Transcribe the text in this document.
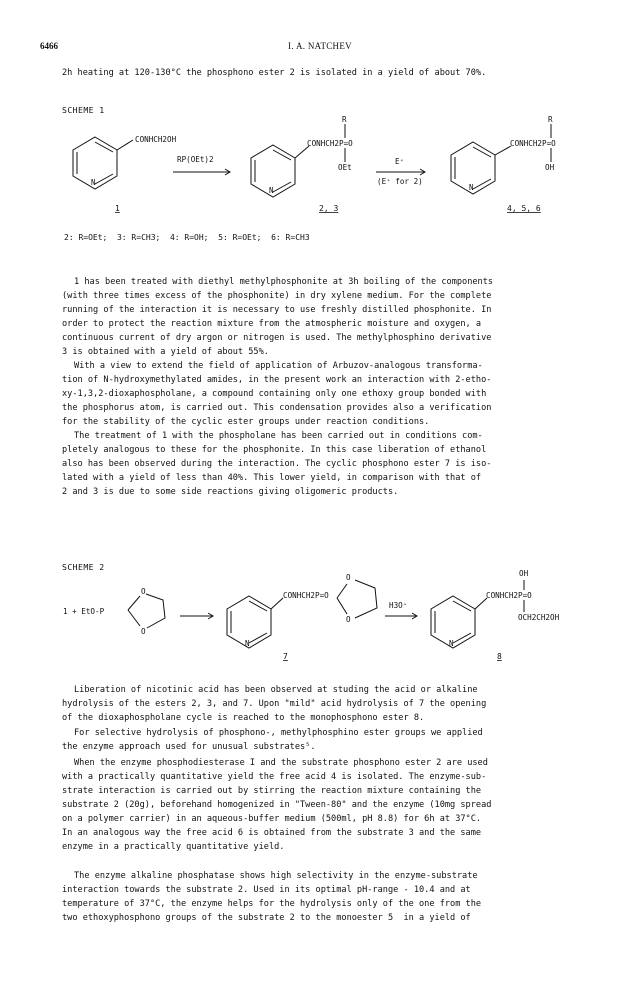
6466	I. A. NATCHEV
2h heating at 120-130°C the phosphono ester 2 is isolated in a yield of about 70%.
SCHEME 1
CONHCH2OH
N
RP(OEt)2
R
CONHCH2P=O
OEt
N
E⁺
(E⁺ for 2)
R
CONHCH2P=O
OH
N
1	2, 3	4, 5, 6
2: R=OEt;  3: R=CH3;  4: R=OH;  5: R=OEt;  6: R=CH3
1 has been treated with diethyl methylphosphonite at 3h boiling of the components
(with three times excess of the phosphonite) in dry xylene medium. For the complete
running of the interaction it is necessary to use freshly distilled phosphonite. In
order to protect the reaction mixture from the atmospheric moisture and oxygen, a
continuous current of dry argon or nitrogen is used. The methylphosphino derivative
3 is obtained with a yield of about 55%.
With a view to extend the field of application of Arbuzov-analogous transforma-
tion of N-hydroxymethylated amides, in the present work an interaction with 2-etho-
xy-1,3,2-dioxaphospholane, a compound containing only one ethoxy group bonded with
the phosphorus atom, is carried out. This condensation provides also a verification
for the stability of the cyclic ester groups under reaction conditions.
The treatment of 1 with the phospholane has been carried out in conditions com-
pletely analogous to these for the phosphonite. In this case liberation of ethanol
also has been observed during the interaction. The cyclic phosphono ester 7 is iso-
lated with a yield of less than 40%. This lower yield, in comparison with that of
2 and 3 is due to some side reactions giving oligomeric products.
SCHEME 2
1 + EtO-P
O
O
CONHCH2P=O
N
O
O
H3O⁺
OH
CONHCH2P=O
OCH2CH2OH
N
7	8
Liberation of nicotinic acid has been observed at studing the acid or alkaline
hydrolysis of the esters 2, 3, and 7. Upon "mild" acid hydrolysis of 7 the opening
of the dioxaphospholane cycle is reached to the monophosphono ester 8.
For selective hydrolysis of phosphono-, methylphosphino ester groups we applied
the enzyme approach used for unusual substrates⁵.
When the enzyme phosphodiesterase I and the substrate phosphono ester 2 are used
with a practically quantitative yield the free acid 4 is isolated. The enzyme-sub-
strate interaction is carried out by stirring the reaction mixture containing the
substrate 2 (20g), beforehand homogenized in "Tween-80" and the enzyme (10mg spread
on a polymer carrier) in an aqueous-buffer medium (500ml, pH 8.8) for 6h at 37°C.
In an analogous way the free acid 6 is obtained from the substrate 3 and the same
enzyme in a practically quantitative yield.
The enzyme alkaline phosphatase shows high selectivity in the enzyme-substrate
interaction towards the substrate 2. Used in its optimal pH-range - 10.4 and at
temperature of 37°C, the enzyme helps for the hydrolysis only of the one from the
two ethoxyphosphono groups of the substrate 2 to the monoester 5  in a yield of
